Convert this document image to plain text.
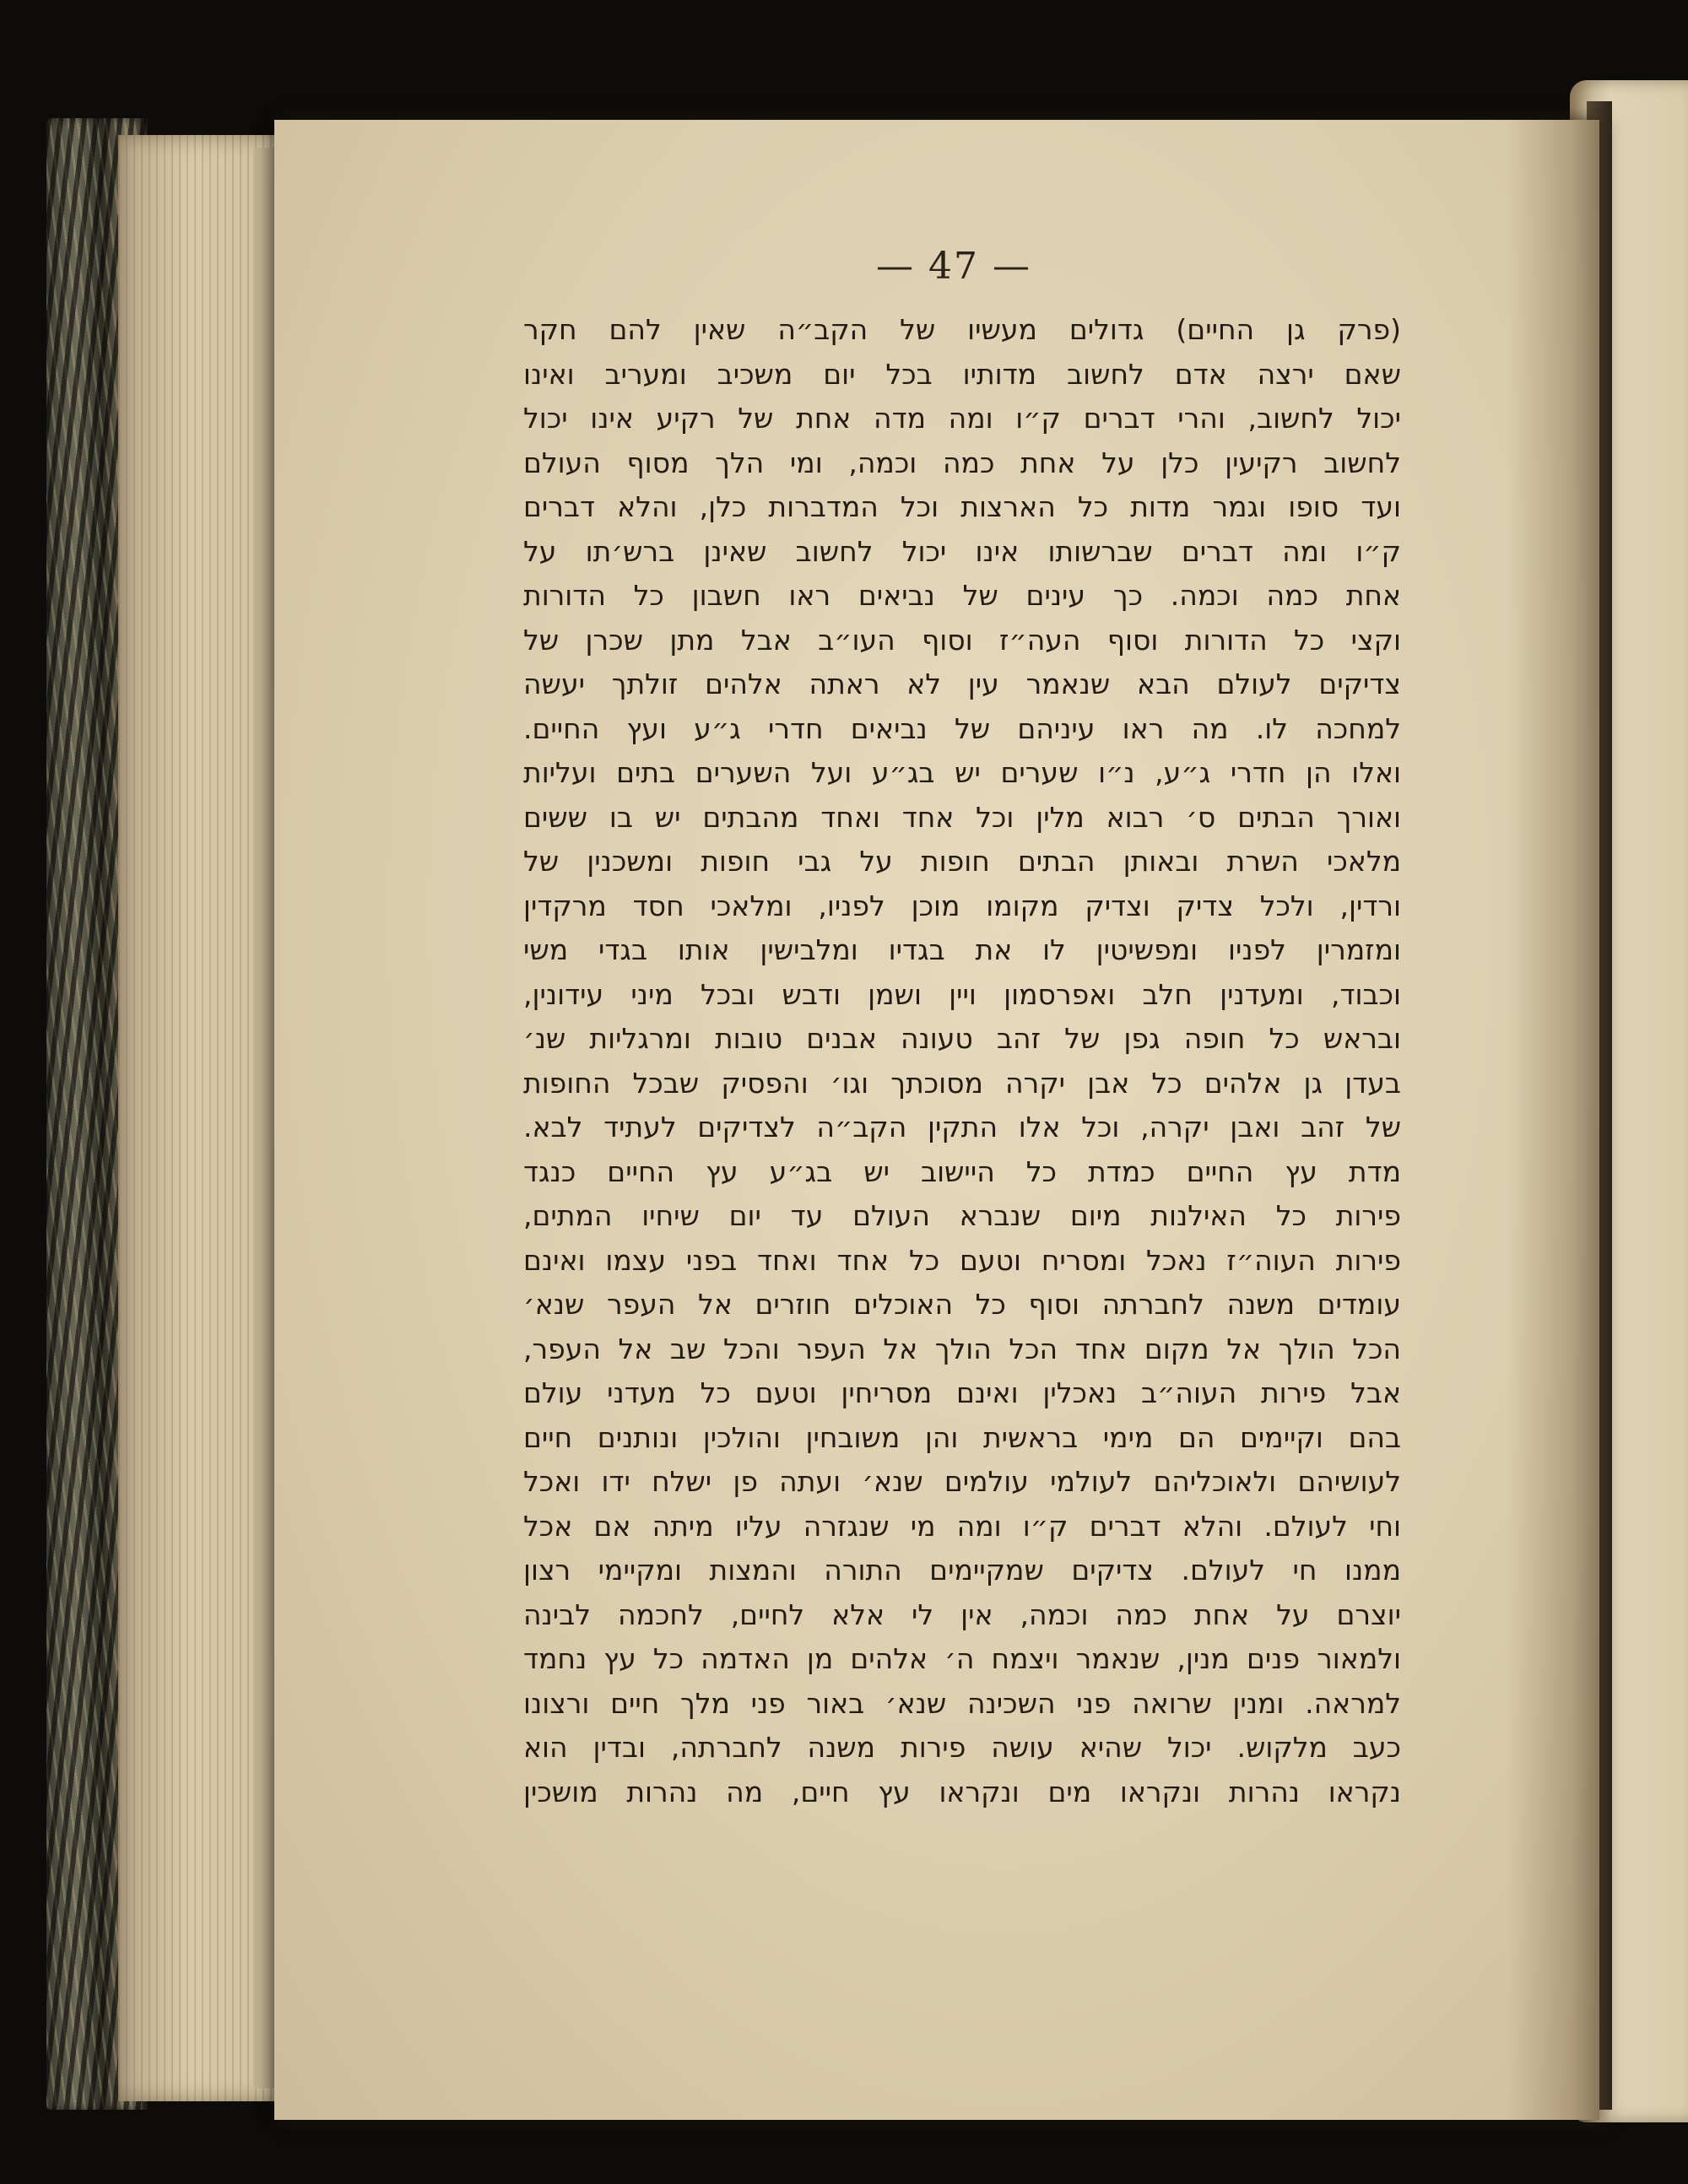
— 47 —
(פרק גן החיים) גדולים מעשיו של הקב״ה שאין להם חקר
שאם ירצה אדם לחשוב מדותיו בכל יום משכיב ומעריב ואינו
יכול לחשוב, והרי דברים ק״ו ומה מדה אחת של רקיע אינו יכול
לחשוב רקיעין כלן על אחת כמה וכמה, ומי הלך מסוף העולם
ועד סופו וגמר מדות כל הארצות וכל המדברות כלן, והלא דברים
ק״ו ומה דברים שברשותו אינו יכול לחשוב שאינן ברש׳תו על
אחת כמה וכמה. כך עינים של נביאים ראו חשבון כל הדורות
וקצי כל הדורות וסוף העה״ז וסוף העו״ב אבל מתן שכרן של
צדיקים לעולם הבא שנאמר עין לא ראתה אלהים זולתך יעשה
למחכה לו. מה ראו עיניהם של נביאים חדרי ג״ע ועץ החיים.
ואלו הן חדרי ג״ע, נ״ו שערים יש בג״ע ועל השערים בתים ועליות
ואורך הבתים ס׳ רבוא מלין וכל אחד ואחד מהבתים יש בו ששים
מלאכי השרת ובאותן הבתים חופות על גבי חופות ומשכנין של
ורדין, ולכל צדיק וצדיק מקומו מוכן לפניו, ומלאכי חסד מרקדין
ומזמרין לפניו ומפשיטין לו את בגדיו ומלבישין אותו בגדי משי
וכבוד, ומעדנין חלב ואפרסמון ויין ושמן ודבש ובכל מיני עידונין,
ובראש כל חופה גפן של זהב טעונה אבנים טובות ומרגליות שנ׳
בעדן גן אלהים כל אבן יקרה מסוכתך וגו׳ והפסיק שבכל החופות
של זהב ואבן יקרה, וכל אלו התקין הקב״ה לצדיקים לעתיד לבא.
מדת עץ החיים כמדת כל היישוב יש בג״ע עץ החיים כנגד
פירות כל האילנות מיום שנברא העולם עד יום שיחיו המתים,
פירות העוה״ז נאכל ומסריח וטעם כל אחד ואחד בפני עצמו ואינם
עומדים משנה לחברתה וסוף כל האוכלים חוזרים אל העפר שנא׳
הכל הולך אל מקום אחד הכל הולך אל העפר והכל שב אל העפר,
אבל פירות העוה״ב נאכלין ואינם מסריחין וטעם כל מעדני עולם
בהם וקיימים הם מימי בראשית והן משובחין והולכין ונותנים חיים
לעושיהם ולאוכליהם לעולמי עולמים שנא׳ ועתה פן ישלח ידו ואכל
וחי לעולם. והלא דברים ק״ו ומה מי שנגזרה עליו מיתה אם אכל
ממנו חי לעולם. צדיקים שמקיימים התורה והמצות ומקיימי רצון
יוצרם על אחת כמה וכמה, אין לי אלא לחיים, לחכמה לבינה
ולמאור פנים מנין, שנאמר ויצמח ה׳ אלהים מן האדמה כל עץ נחמד
למראה. ומנין שרואה פני השכינה שנא׳ באור פני מלך חיים ורצונו
כעב מלקוש. יכול שהיא עושה פירות משנה לחברתה, ובדין הוא
נקראו נהרות ונקראו מים ונקראו עץ חיים, מה נהרות מושכין
